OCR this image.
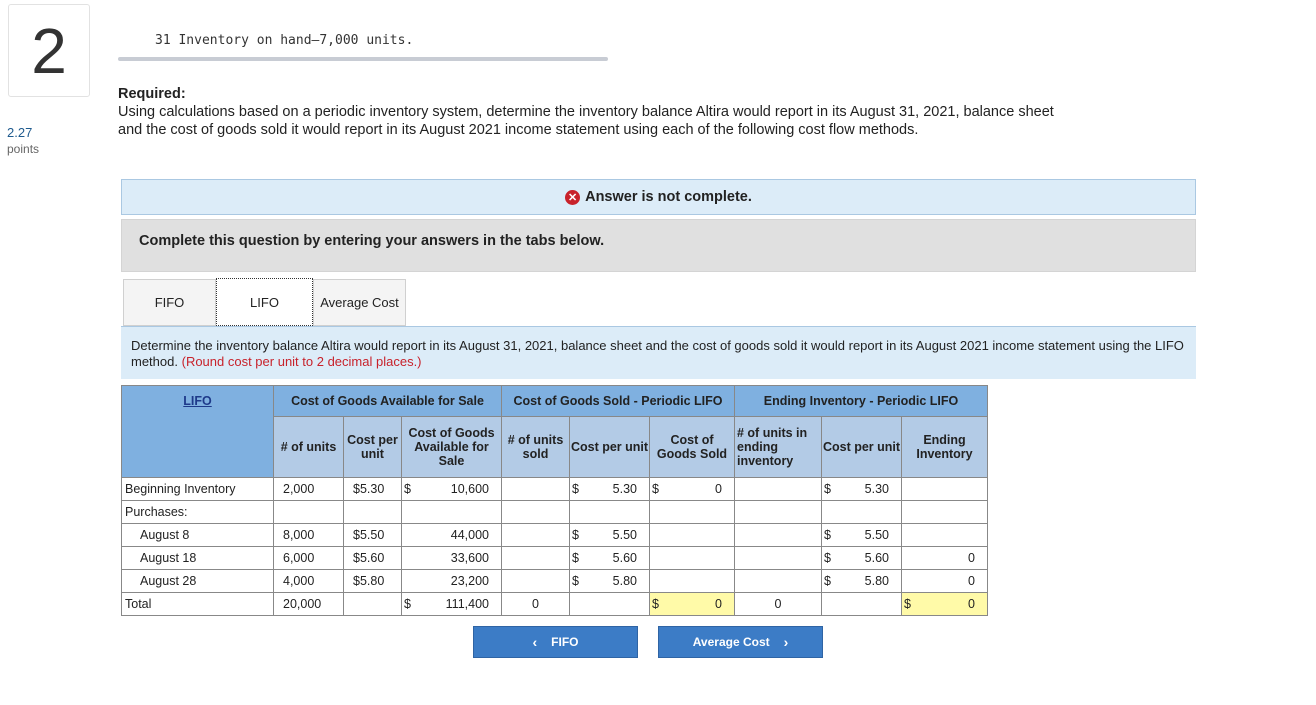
2
2.27
points
31 Inventory on hand—7,000 units.
Required:
Using calculations based on a periodic inventory system, determine the inventory balance Altira would report in its August 31, 2021, balance sheet and the cost of goods sold it would report in its August 2021 income statement using each of the following cost flow methods.
✕ Answer is not complete.
Complete this question by entering your answers in the tabs below.
FIFO	LIFO	Average Cost
Determine the inventory balance Altira would report in its August 31, 2021, balance sheet and the cost of goods sold it would report in its August 2021 income statement using the LIFO method. (Round cost per unit to 2 decimal places.)
LIFO	Cost of Goods Available for Sale			Cost of Goods Sold - Periodic LIFO			Ending Inventory - Periodic LIFO		
	# of units	Cost per unit	Cost of Goods Available for Sale	# of units sold	Cost per unit	Cost of Goods Sold	# of units in ending inventory	Cost per unit	Ending Inventory
Beginning Inventory	2,000	$5.30	$ 10,600		$ 5.30	$ 0		$ 5.30	

Purchases:			

August 8	8,000	$5.50	44,000		$ 5.50			$ 5.50	

August 18	6,000	$5.60	33,600		$ 5.60			$ 5.60	0

August 28	4,000	$5.80	23,200		$ 5.80			$ 5.80	0

Total	20,000		$ 111,400	0		$ 0	0		$ 0
‹ FIFO	Average Cost ›
